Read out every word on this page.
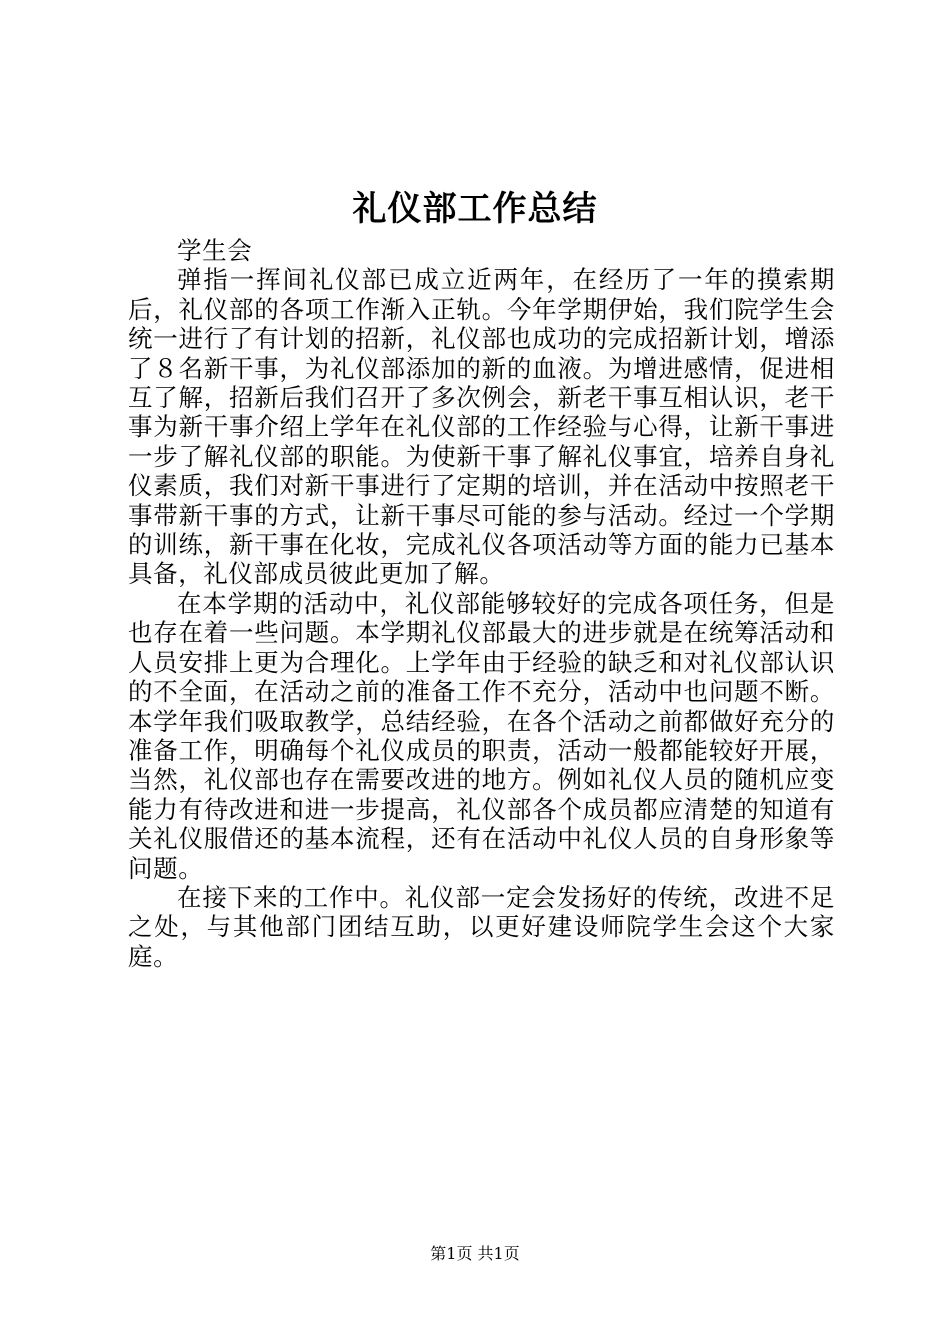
礼仪部工作总结

学生会

弹指一挥间礼仪部已成立近两年，在经历了一年的摸索期后，礼仪部的各项工作渐入正轨。今年学期伊始，我们院学生会统一进行了有计划的招新，礼仪部也成功的完成招新计划，增添了８名新干事，为礼仪部添加的新的血液。为增进感情，促进相互了解，招新后我们召开了多次例会，新老干事互相认识，老干事为新干事介绍上学年在礼仪部的工作经验与心得，让新干事进一步了解礼仪部的职能。为使新干事了解礼仪事宜，培养自身礼仪素质，我们对新干事进行了定期的培训，并在活动中按照老干事带新干事的方式，让新干事尽可能的参与活动。经过一个学期的训练，新干事在化妆，完成礼仪各项活动等方面的能力已基本具备，礼仪部成员彼此更加了解。

在本学期的活动中，礼仪部能够较好的完成各项任务，但是也存在着一些问题。本学期礼仪部最大的进步就是在统筹活动和人员安排上更为合理化。上学年由于经验的缺乏和对礼仪部认识的不全面，在活动之前的准备工作不充分，活动中也问题不断。本学年我们吸取教学，总结经验，在各个活动之前都做好充分的准备工作，明确每个礼仪成员的职责，活动一般都能较好开展，当然，礼仪部也存在需要改进的地方。例如礼仪人员的随机应变能力有待改进和进一步提高，礼仪部各个成员都应清楚的知道有关礼仪服借还的基本流程，还有在活动中礼仪人员的自身形象等问题。

在接下来的工作中。礼仪部一定会发扬好的传统，改进不足之处，与其他部门团结互助，以更好建设师院学生会这个大家庭。

第1页 共1页
